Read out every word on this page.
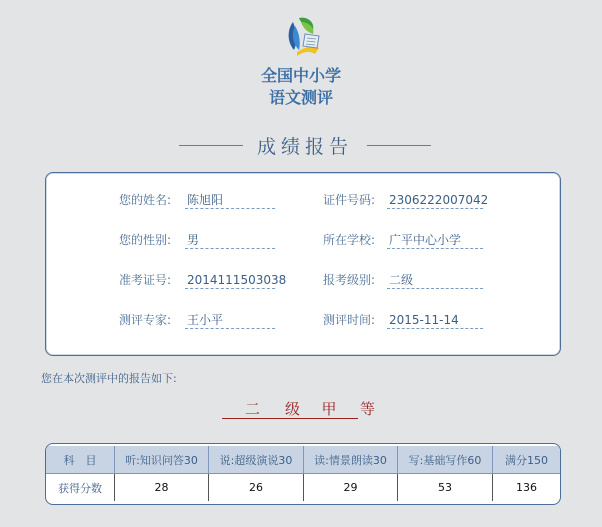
全国中小学
语文测评
成绩报告
您的姓名: 陈旭阳	证件号码: 2306222007042
您的性别: 男	所在学校: 广平中心小学
准考证号: 2014111503038	报考级别: 二级
测评专家: 王小平	测评时间: 2015-11-14
您在本次测评中的报告如下:
二	级	甲	等
科　目	听:知识问答30	说:超级演说30	读:情景朗读30	写:基础写作60	满分150
获得分数	28	26	29	53	136
